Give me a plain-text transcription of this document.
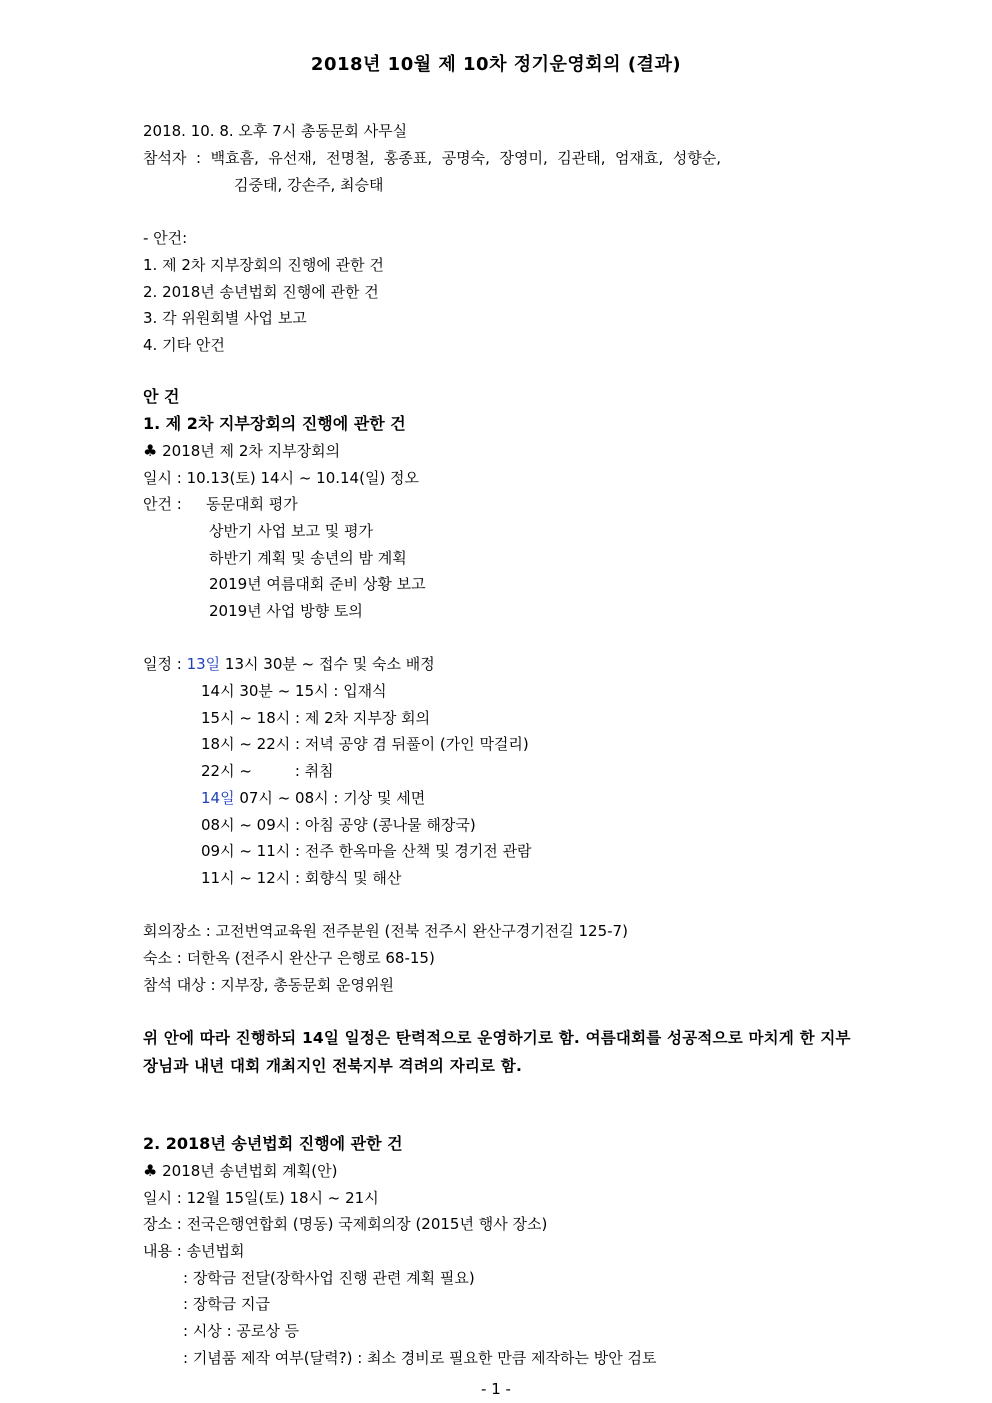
2018년 10월 제 10차 정기운영회의 (결과)
2018. 10. 8. 오후 7시 총동문회 사무실
참석자  :  백효흠,  유선재,  전명철,  홍종표,  공명숙,  장영미,  김관태,  엄재효,  성향순,
김중태, 강손주, 최승태
- 안건:
1. 제 2차 지부장회의 진행에 관한 건
2. 2018년 송년법회 진행에 관한 건
3. 각 위원회별 사업 보고
4. 기타 안건
안 건
1. 제 2차 지부장회의 진행에 관한 건
♣ 2018년 제 2차 지부장회의
일시 : 10.13(토) 14시 ~ 10.14(일) 정오
안건 : 동문대회 평가
상반기 사업 보고 및 평가
하반기 계획 및 송년의 밤 계획
2019년 여름대회 준비 상황 보고
2019년 사업 방향 토의
일정 : 13일 13시 30분 ~ 접수 및 숙소 배정
14시 30분 ~ 15시 : 입재식
15시 ~ 18시 : 제 2차 지부장 회의
18시 ~ 22시 : 저녁 공양 겸 뒤풀이 (가인 막걸리)
22시 ~         : 취침
14일 07시 ~ 08시 : 기상 및 세면
08시 ~ 09시 : 아침 공양 (콩나물 해장국)
09시 ~ 11시 : 전주 한옥마을 산책 및 경기전 관람
11시 ~ 12시 : 회향식 및 해산
회의장소 : 고전번역교육원 전주분원 (전북 전주시 완산구경기전길 125-7)
숙소 : 더한옥 (전주시 완산구 은행로 68-15)
참석 대상 : 지부장, 총동문회 운영위원
위 안에 따라 진행하되 14일 일정은 탄력적으로 운영하기로 함. 여름대회를 성공적으로 마치게 한 지부장님과 내년 대회 개최지인 전북지부 격려의 자리로 함.
2. 2018년 송년법회 진행에 관한 건
♣ 2018년 송년법회 계획(안)
일시 : 12월 15일(토) 18시 ~ 21시
장소 : 전국은행연합회 (명동) 국제회의장 (2015년 행사 장소)
내용 : 송년법회
: 장학금 전달(장학사업 진행 관련 계획 필요)
: 장학금 지급
: 시상 : 공로상 등
: 기념품 제작 여부(달력?) : 최소 경비로 필요한 만큼 제작하는 방안 검토
- 1 -
